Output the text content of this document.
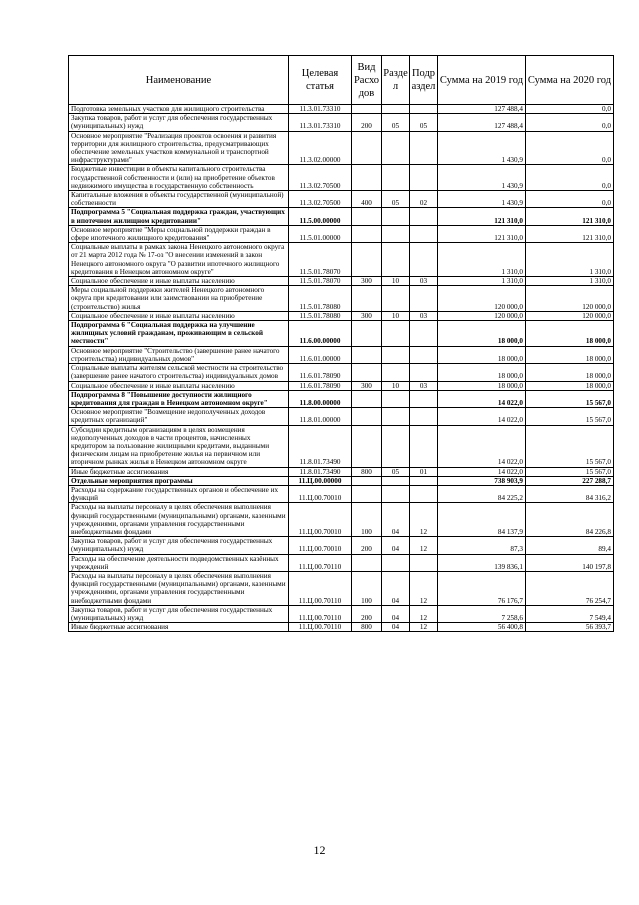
Наименование	Целевая статья	Вид Расхо дов	Разде л	Подр аздел	Сумма на 2019 год	Сумма на 2020 год
Подготовка земельных участков для жилищного строительства	11.3.01.73310				127 488,4	0,0
Закупка товаров, работ и услуг для обеспечения государственных (муниципальных) нужд	11.3.01.73310	200	05	05	127 488,4	0,0
Основное мероприятие "Реализация проектов освоения и развития территории для жилищного строительства, предусматривающих обеспечение земельных участков коммунальной и транспортной инфраструктурами"	11.3.02.00000				1 430,9	0,0
Бюджетные инвестиции в объекты капитального строительства государственной собственности и (или) на приобретение объектов недвижимого имущества в государственную собственность	11.3.02.70500				1 430,9	0,0
Капитальные вложения в объекты государственной (муниципальной) собственности	11.3.02.70500	400	05	02	1 430,9	0,0
Подпрограмма 5 "Социальная поддержка граждан, участвующих в ипотечном жилищном кредитовании"	11.5.00.00000				121 310,0	121 310,0
Основное мероприятие "Меры социальной поддержки граждан в сфере ипотечного жилищного кредитования"	11.5.01.00000				121 310,0	121 310,0
Социальные выплаты в рамках закона Ненецкого автономного округа от 21 марта 2012 года № 17-оз "О внесении изменений в закон Ненецкого автономного округа "О развитии ипотечного жилищного кредитования в Ненецком автономном округе"	11.5.01.78070				1 310,0	1 310,0
Социальное обеспечение и иные выплаты населению	11.5.01.78070	300	10	03	1 310,0	1 310,0
Меры социальной поддержки жителей Ненецкого автономного округа при кредитовании или заимствовании на приобретение (строительство) жилья	11.5.01.78080				120 000,0	120 000,0
Социальное обеспечение и иные выплаты населению	11.5.01.78080	300	10	03	120 000,0	120 000,0
Подпрограмма 6 "Социальная поддержка на улучшение жилищных условий гражданам, проживающим в сельской местности"	11.6.00.00000				18 000,0	18 000,0
Основное мероприятие "Строительство (завершение ранее начатого строительства) индивидуальных домов"	11.6.01.00000				18 000,0	18 000,0
Социальные выплаты жителям сельской местности на строительство (завершение ранее начатого строительства) индивидуальных домов	11.6.01.78090				18 000,0	18 000,0
Социальное обеспечение и иные выплаты населению	11.6.01.78090	300	10	03	18 000,0	18 000,0
Подпрограмма 8 "Повышение доступности жилищного кредитования для граждан в Ненецком автономном округе"	11.8.00.00000				14 022,0	15 567,0
Основное мероприятие "Возмещение недополученных доходов кредитных организаций"	11.8.01.00000				14 022,0	15 567,0
Субсидии кредитным организациям в целях возмещения недополученных доходов в части процентов, начисленных кредитором за пользование жилищными кредитами, выданными физическим лицам на приобретение жилья на первичном или вторичном рынках жилья в Ненецком автономном округе	11.8.01.73490				14 022,0	15 567,0
Иные бюджетные ассигнования	11.8.01.73490	800	05	01	14 022,0	15 567,0
Отдельные мероприятия программы	11.Ц.00.00000				738 903,9	227 288,7
Расходы на содержание государственных органов и обеспечение их функций	11.Ц.00.70010				84 225,2	84 316,2
Расходы на выплаты персоналу в целях обеспечения выполнения функций государственными (муниципальными) органами, казенными учреждениями, органами управления государственными внебюджетными фондами	11.Ц.00.70010	100	04	12	84 137,9	84 226,8
Закупка товаров, работ и услуг для обеспечения государственных (муниципальных) нужд	11.Ц.00.70010	200	04	12	87,3	89,4
Расходы на обеспечение деятельности подведомственных казённых учреждений	11.Ц.00.70110				139 836,1	140 197,8
Расходы на выплаты персоналу в целях обеспечения выполнения функций государственными (муниципальными) органами, казенными учреждениями, органами управления государственными внебюджетными фондами	11.Ц.00.70110	100	04	12	76 176,7	76 254,7
Закупка товаров, работ и услуг для обеспечения государственных (муниципальных) нужд	11.Ц.00.70110	200	04	12	7 258,6	7 549,4
Иные бюджетные ассигнования	11.Ц.00.70110	800	04	12	56 400,8	56 393,7
12
